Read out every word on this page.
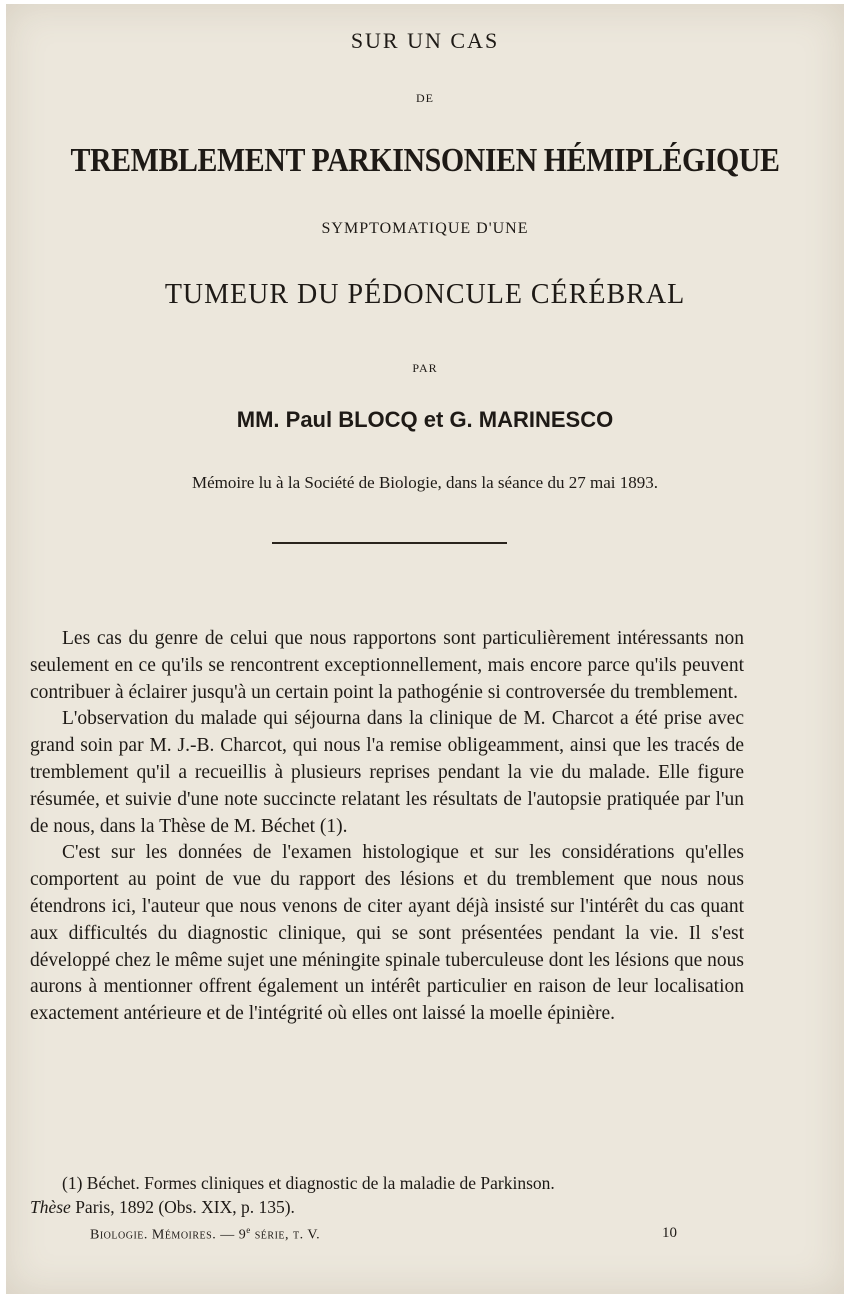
SUR UN CAS
DE
TREMBLEMENT PARKINSONIEN HÉMIPLÉGIQUE
SYMPTOMATIQUE D'UNE
TUMEUR DU PÉDONCULE CÉRÉBRAL
PAR
MM. Paul BLOCQ et G. MARINESCO
Mémoire lu à la Société de Biologie, dans la séance du 27 mai 1893.

Les cas du genre de celui que nous rapportons sont particulièrement intéressants non seulement en ce qu'ils se rencontrent exceptionnellement, mais encore parce qu'ils peuvent contribuer à éclairer jusqu'à un certain point la pathogénie si controversée du tremblement.

L'observation du malade qui séjourna dans la clinique de M. Charcot a été prise avec grand soin par M. J.-B. Charcot, qui nous l'a remise obligeamment, ainsi que les tracés de tremblement qu'il a recueillis à plusieurs reprises pendant la vie du malade. Elle figure résumée, et suivie d'une note succincte relatant les résultats de l'autopsie pratiquée par l'un de nous, dans la Thèse de M. Béchet (1).

C'est sur les données de l'examen histologique et sur les considérations qu'elles comportent au point de vue du rapport des lésions et du tremblement que nous nous étendrons ici, l'auteur que nous venons de citer ayant déjà insisté sur l'intérêt du cas quant aux difficultés du diagnostic clinique, qui se sont présentées pendant la vie. Il s'est développé chez le même sujet une méningite spinale tuberculeuse dont les lésions que nous aurons à mentionner offrent également un intérêt particulier en raison de leur localisation exactement antérieure et de l'intégrité où elles ont laissé la moelle épinière.

(1) Béchet. Formes cliniques et diagnostic de la maladie de Parkinson.
Thèse Paris, 1892 (Obs. XIX, p. 135).
Biologie. Mémoires. — 9e série, t. V.	10
